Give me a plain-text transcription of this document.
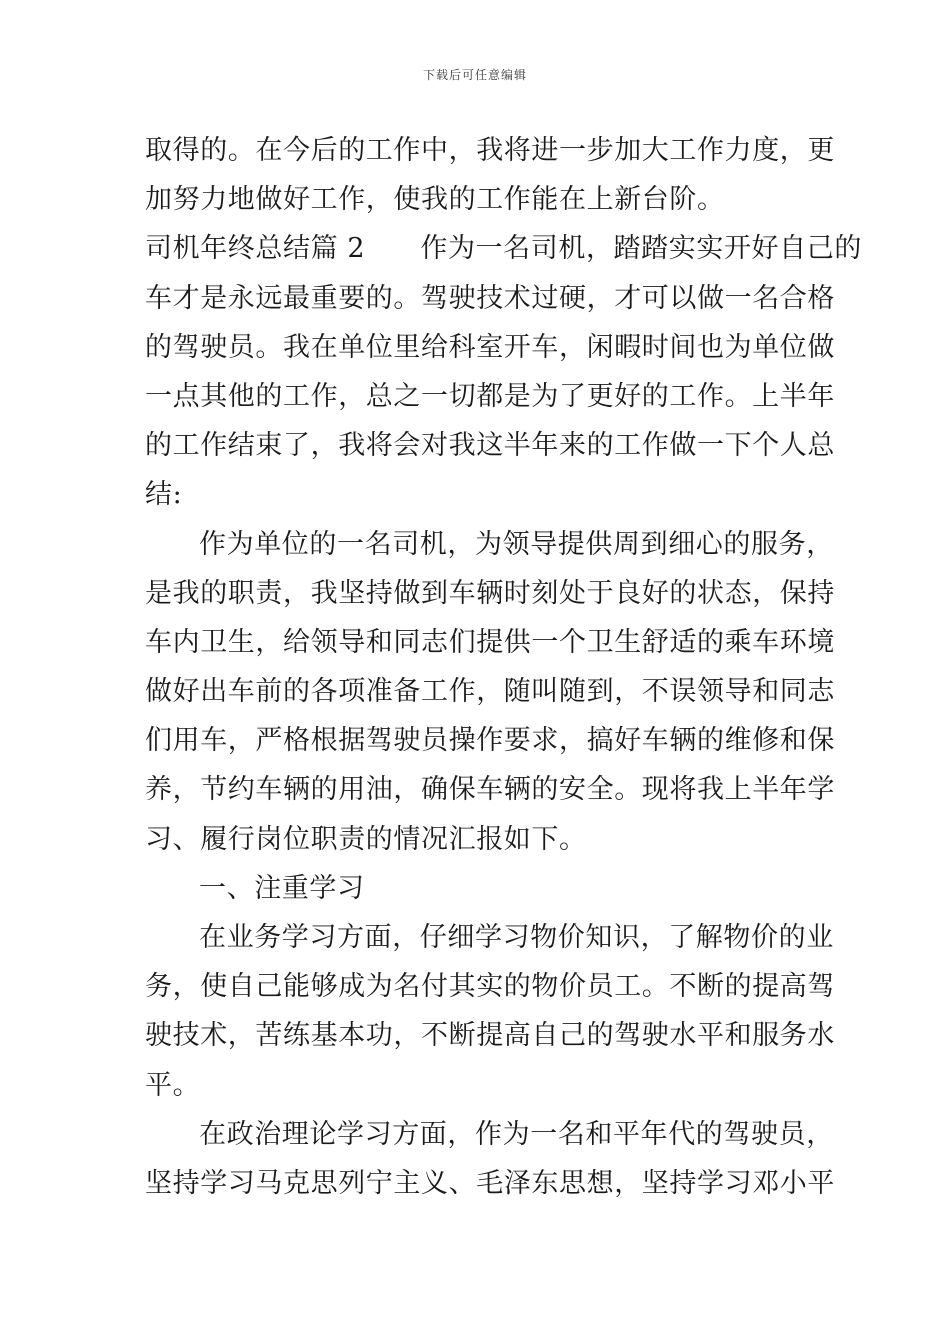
下载后可任意编辑
取得的。在今后的工作中，我将进一步加大工作力度，更
加努力地做好工作，使我的工作能在上新台阶。
司机年终总结篇 2　　作为一名司机，踏踏实实开好自己的
车才是永远最重要的。驾驶技术过硬，才可以做一名合格
的驾驶员。我在单位里给科室开车，闲暇时间也为单位做
一点其他的工作，总之一切都是为了更好的工作。上半年
的工作结束了，我将会对我这半年来的工作做一下个人总
结:
作为单位的一名司机，为领导提供周到细心的服务，
是我的职责，我坚持做到车辆时刻处于良好的状态，保持
车内卫生，给领导和同志们提供一个卫生舒适的乘车环境
做好出车前的各项准备工作，随叫随到，不误领导和同志
们用车，严格根据驾驶员操作要求，搞好车辆的维修和保
养，节约车辆的用油，确保车辆的安全。现将我上半年学
习、履行岗位职责的情况汇报如下。
一、注重学习
在业务学习方面，仔细学习物价知识，了解物价的业
务，使自己能够成为名付其实的物价员工。不断的提高驾
驶技术，苦练基本功，不断提高自己的驾驶水平和服务水
平。
在政治理论学习方面，作为一名和平年代的驾驶员，
坚持学习马克思列宁主义、毛泽东思想，坚持学习邓小平
